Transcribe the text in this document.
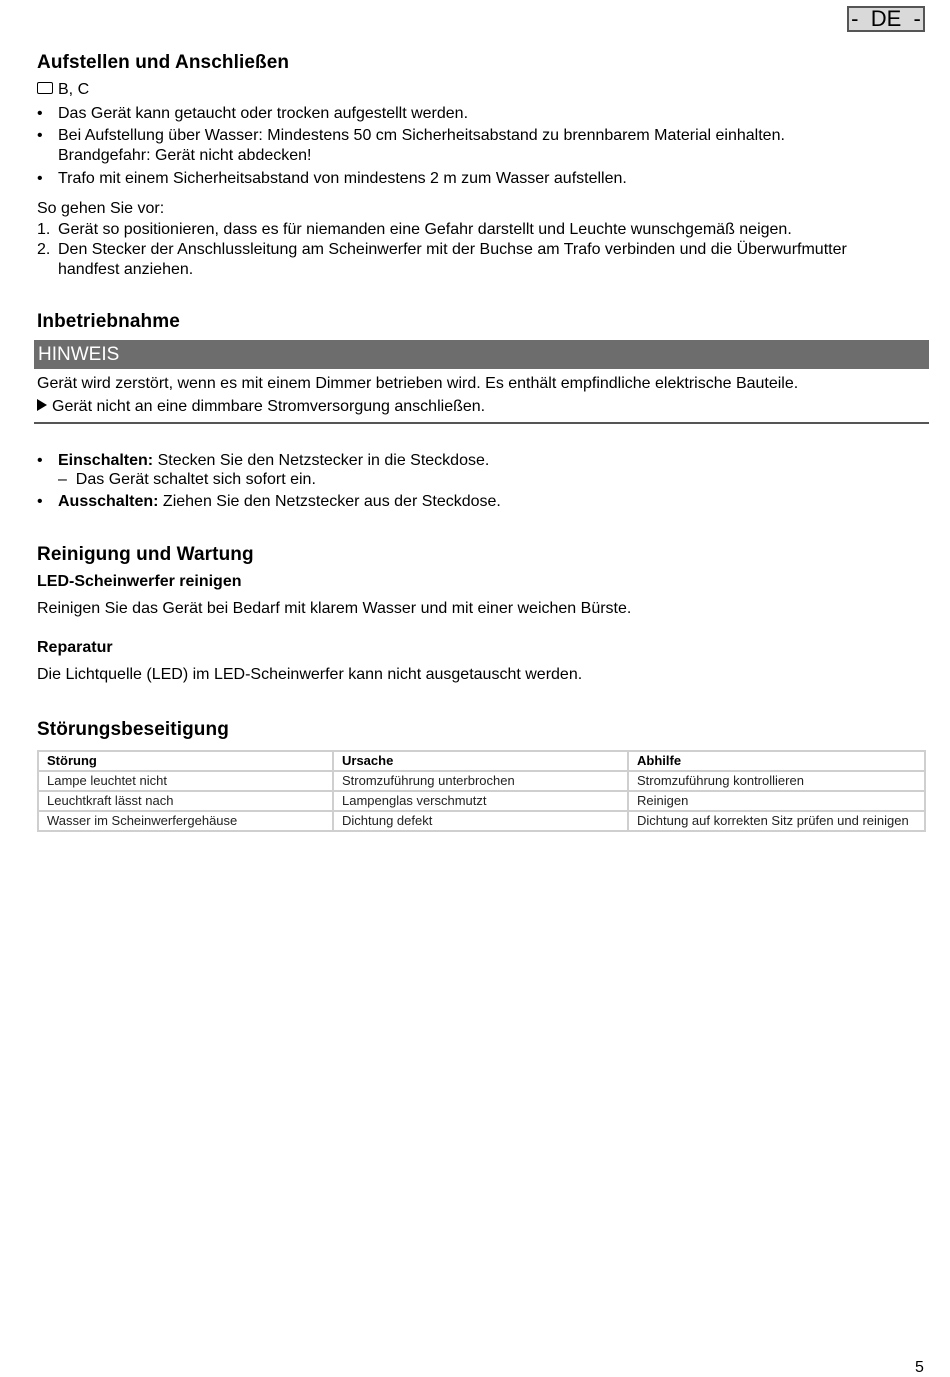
-  DE  -
Aufstellen und Anschließen
B, C
• Das Gerät kann getaucht oder trocken aufgestellt werden.
• Bei Aufstellung über Wasser: Mindestens 50 cm Sicherheitsabstand zu brennbarem Material einhalten.
Brandgefahr: Gerät nicht abdecken!
• Trafo mit einem Sicherheitsabstand von mindestens 2 m zum Wasser aufstellen.
So gehen Sie vor:
1. Gerät so positionieren, dass es für niemanden eine Gefahr darstellt und Leuchte wunschgemäß neigen.
2. Den Stecker der Anschlussleitung am Scheinwerfer mit der Buchse am Trafo verbinden und die Überwurfmutter
handfest anziehen.
Inbetriebnahme
HINWEIS
Gerät wird zerstört, wenn es mit einem Dimmer betrieben wird. Es enthält empfindliche elektrische Bauteile.
Gerät nicht an eine dimmbare Stromversorgung anschließen.
• Einschalten: Stecken Sie den Netzstecker in die Steckdose.
– Das Gerät schaltet sich sofort ein.
• Ausschalten: Ziehen Sie den Netzstecker aus der Steckdose.
Reinigung und Wartung
LED-Scheinwerfer reinigen
Reinigen Sie das Gerät bei Bedarf mit klarem Wasser und mit einer weichen Bürste.
Reparatur
Die Lichtquelle (LED) im LED-Scheinwerfer kann nicht ausgetauscht werden.
Störungsbeseitigung
Störung	Ursache	Abhilfe
Lampe leuchtet nicht	Stromzuführung unterbrochen	Stromzuführung kontrollieren
Leuchtkraft lässt nach	Lampenglas verschmutzt	Reinigen
Wasser im Scheinwerfergehäuse	Dichtung defekt	Dichtung auf korrekten Sitz prüfen und reinigen
5
